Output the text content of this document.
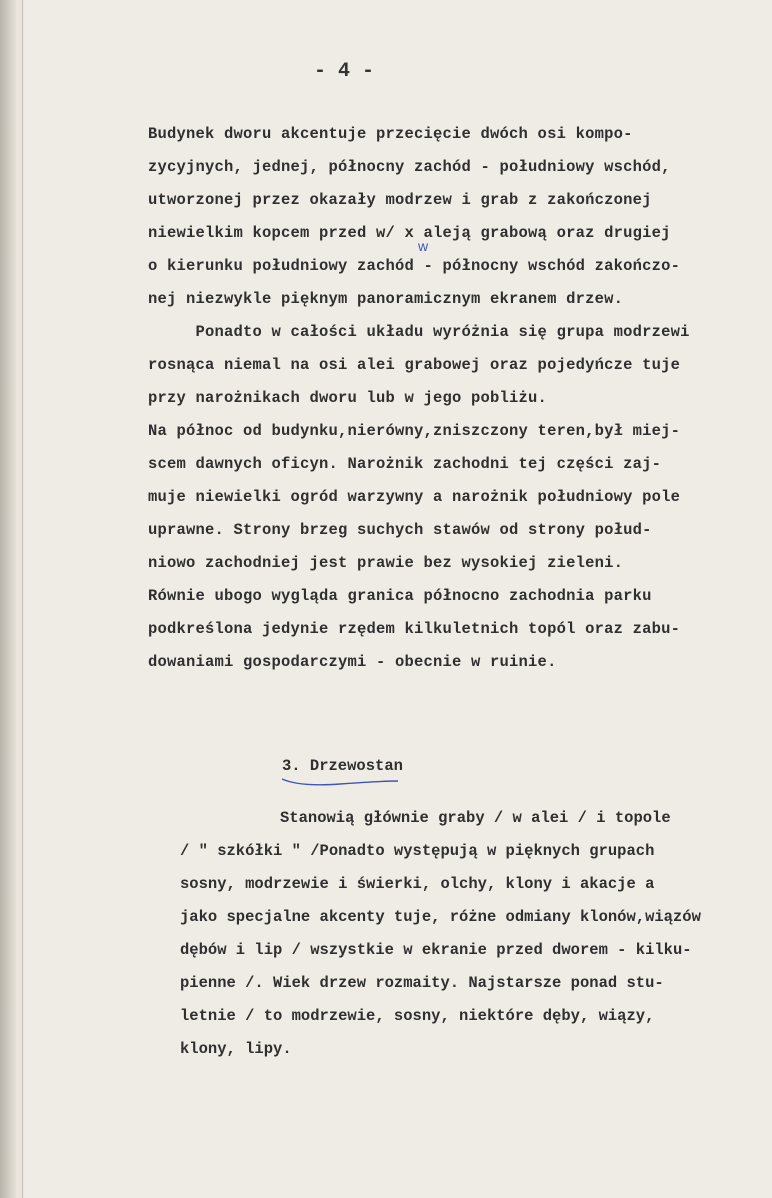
- 4 -
Budynek dworu akcentuje przecięcie dwóch osi kompo-
zycyjnych, jednej, północny zachód - południowy wschód,
utworzonej przez okazały modrzew i grab z zakończonej
niewielkim kopcem przed w/ x aleją grabową oraz drugiej
o kierunku południowy zachód - północny wschód zakończo-
nej niezwykle pięknym panoramicznym ekranem drzew.
Ponadto w całości układu wyróżnia się grupa modrzewi
rosnąca niemal na osi alei grabowej oraz pojedyńcze tuje
przy narożnikach dworu lub w jego pobliżu.
Na północ od budynku,nierówny,zniszczony teren,był miej-
scem dawnych oficyn. Narożnik zachodni tej części zaj-
muje niewielki ogród warzywny a narożnik południowy pole
uprawne. Strony brzeg suchych stawów od strony połud-
niowo zachodniej jest prawie bez wysokiej zieleni.
Równie ubogo wygląda granica północno zachodnia parku
podkreślona jedynie rzędem kilkuletnich topól oraz zabu-
dowaniami gospodarczymi - obecnie w ruinie.
w
3. Drzewostan
Stanowią głównie graby / w alei / i topole
/ " szkółki " /Ponadto występują w pięknych grupach
sosny, modrzewie i świerki, olchy, klony i akacje a
jako specjalne akcenty tuje, różne odmiany klonów,wiązów
dębów i lip / wszystkie w ekranie przed dworem - kilku-
pienne /. Wiek drzew rozmaity. Najstarsze ponad stu-
letnie / to modrzewie, sosny, niektóre dęby, wiązy,
klony, lipy.
